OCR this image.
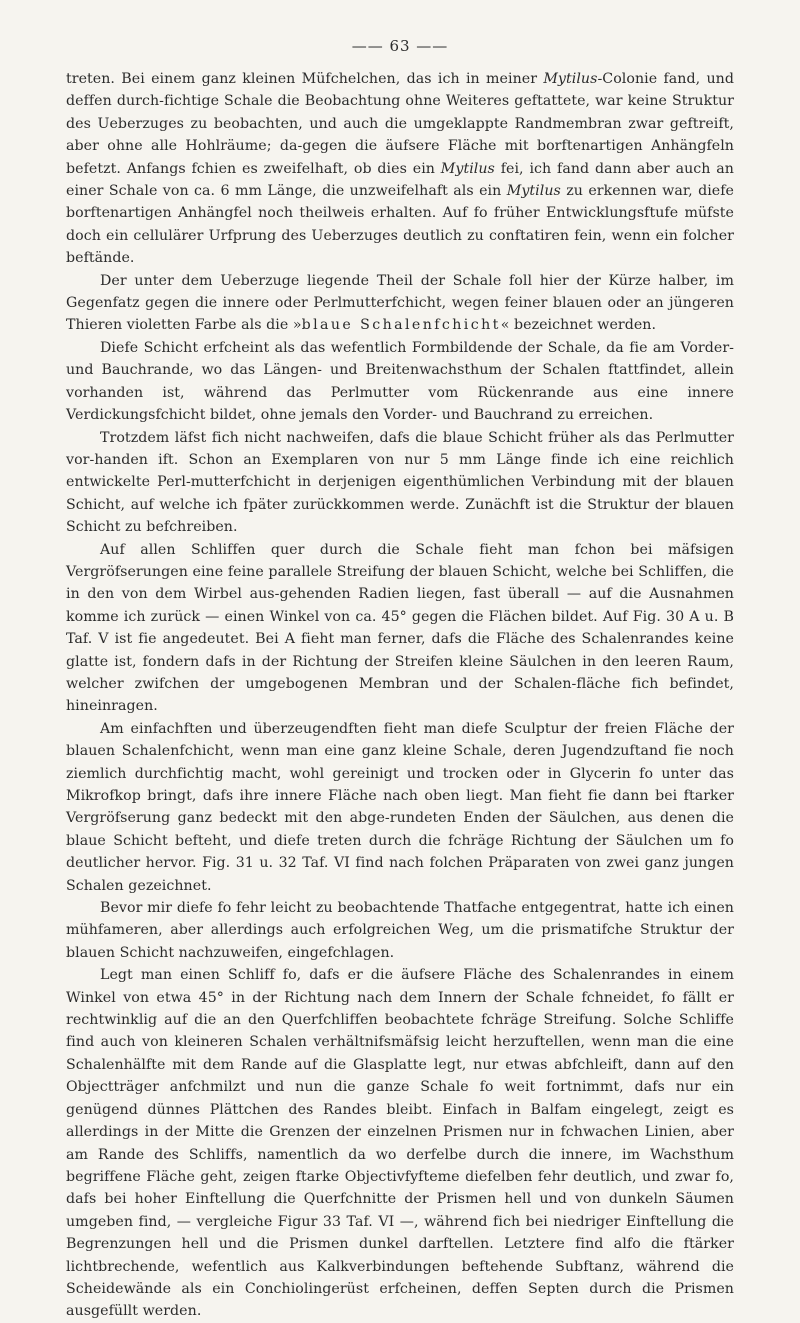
—— 63 ——

treten. Bei einem ganz kleinen Müfchelchen, das ich in meiner Mytilus-Colonie fand, und deffen durch-fichtige Schale die Beobachtung ohne Weiteres geftattete, war keine Struktur des Ueberzuges zu beobachten, und auch die umgeklappte Randmembran zwar geftreift, aber ohne alle Hohlräume; da-gegen die äufsere Fläche mit borftenartigen Anhängfeln befetzt. Anfangs fchien es zweifelhaft, ob dies ein Mytilus fei, ich fand dann aber auch an einer Schale von ca. 6 mm Länge, die unzweifelhaft als ein Mytilus zu erkennen war, diefe borftenartigen Anhängfel noch theilweis erhalten. Auf fo früher Entwicklungsftufe müfste doch ein cellulärer Urfprung des Ueberzuges deutlich zu conftatiren fein, wenn ein folcher beftände.

Der unter dem Ueberzuge liegende Theil der Schale foll hier der Kürze halber, im Gegenfatz gegen die innere oder Perlmutterfchicht, wegen feiner blauen oder an jüngeren Thieren violetten Farbe als die »blaue Schalenfchicht« bezeichnet werden.

Diefe Schicht erfcheint als das wefentlich Formbildende der Schale, da fie am Vorder- und Bauchrande, wo das Längen- und Breitenwachsthum der Schalen ftattfindet, allein vorhanden ist, während das Perlmutter vom Rückenrande aus eine innere Verdickungsfchicht bildet, ohne jemals den Vorder- und Bauchrand zu erreichen.

Trotzdem läfst fich nicht nachweifen, dafs die blaue Schicht früher als das Perlmutter vor-handen ift. Schon an Exemplaren von nur 5 mm Länge finde ich eine reichlich entwickelte Perl-mutterfchicht in derjenigen eigenthümlichen Verbindung mit der blauen Schicht, auf welche ich fpäter zurückkommen werde. Zunächft ist die Struktur der blauen Schicht zu befchreiben.

Auf allen Schliffen quer durch die Schale fieht man fchon bei mäfsigen Vergröfserungen eine feine parallele Streifung der blauen Schicht, welche bei Schliffen, die in den von dem Wirbel aus-gehenden Radien liegen, fast überall — auf die Ausnahmen komme ich zurück — einen Winkel von ca. 45° gegen die Flächen bildet. Auf Fig. 30 A u. B Taf. V ist fie angedeutet. Bei A fieht man ferner, dafs die Fläche des Schalenrandes keine glatte ist, fondern dafs in der Richtung der Streifen kleine Säulchen in den leeren Raum, welcher zwifchen der umgebogenen Membran und der Schalen-fläche fich befindet, hineinragen.

Am einfachften und überzeugendften fieht man diefe Sculptur der freien Fläche der blauen Schalenfchicht, wenn man eine ganz kleine Schale, deren Jugendzuftand fie noch ziemlich durchfichtig macht, wohl gereinigt und trocken oder in Glycerin fo unter das Mikrofkop bringt, dafs ihre innere Fläche nach oben liegt. Man fieht fie dann bei ftarker Vergröfserung ganz bedeckt mit den abge-rundeten Enden der Säulchen, aus denen die blaue Schicht befteht, und diefe treten durch die fchräge Richtung der Säulchen um fo deutlicher hervor. Fig. 31 u. 32 Taf. VI find nach folchen Präparaten von zwei ganz jungen Schalen gezeichnet.

Bevor mir diefe fo fehr leicht zu beobachtende Thatfache entgegentrat, hatte ich einen mühfameren, aber allerdings auch erfolgreichen Weg, um die prismatifche Struktur der blauen Schicht nachzuweifen, eingefchlagen.

Legt man einen Schliff fo, dafs er die äufsere Fläche des Schalenrandes in einem Winkel von etwa 45° in der Richtung nach dem Innern der Schale fchneidet, fo fällt er rechtwinklig auf die an den Querfchliffen beobachtete fchräge Streifung. Solche Schliffe find auch von kleineren Schalen verhältnifsmäfsig leicht herzuftellen, wenn man die eine Schalenhälfte mit dem Rande auf die Glasplatte legt, nur etwas abfchleift, dann auf den Objectträger anfchmilzt und nun die ganze Schale fo weit fortnimmt, dafs nur ein genügend dünnes Plättchen des Randes bleibt. Einfach in Balfam eingelegt, zeigt es allerdings in der Mitte die Grenzen der einzelnen Prismen nur in fchwachen Linien, aber am Rande des Schliffs, namentlich da wo derfelbe durch die innere, im Wachsthum begriffene Fläche geht, zeigen ftarke Objectivfyfteme diefelben fehr deutlich, und zwar fo, dafs bei hoher Einftellung die Querfchnitte der Prismen hell und von dunkeln Säumen umgeben find, — vergleiche Figur 33 Taf. VI —, während fich bei niedriger Einftellung die Begrenzungen hell und die Prismen dunkel darftellen. Letztere find alfo die ftärker lichtbrechende, wefentlich aus Kalkverbindungen beftehende Subftanz, während die Scheidewände als ein Conchiolingerüst erfcheinen, deffen Septen durch die Prismen ausgefüllt werden.
